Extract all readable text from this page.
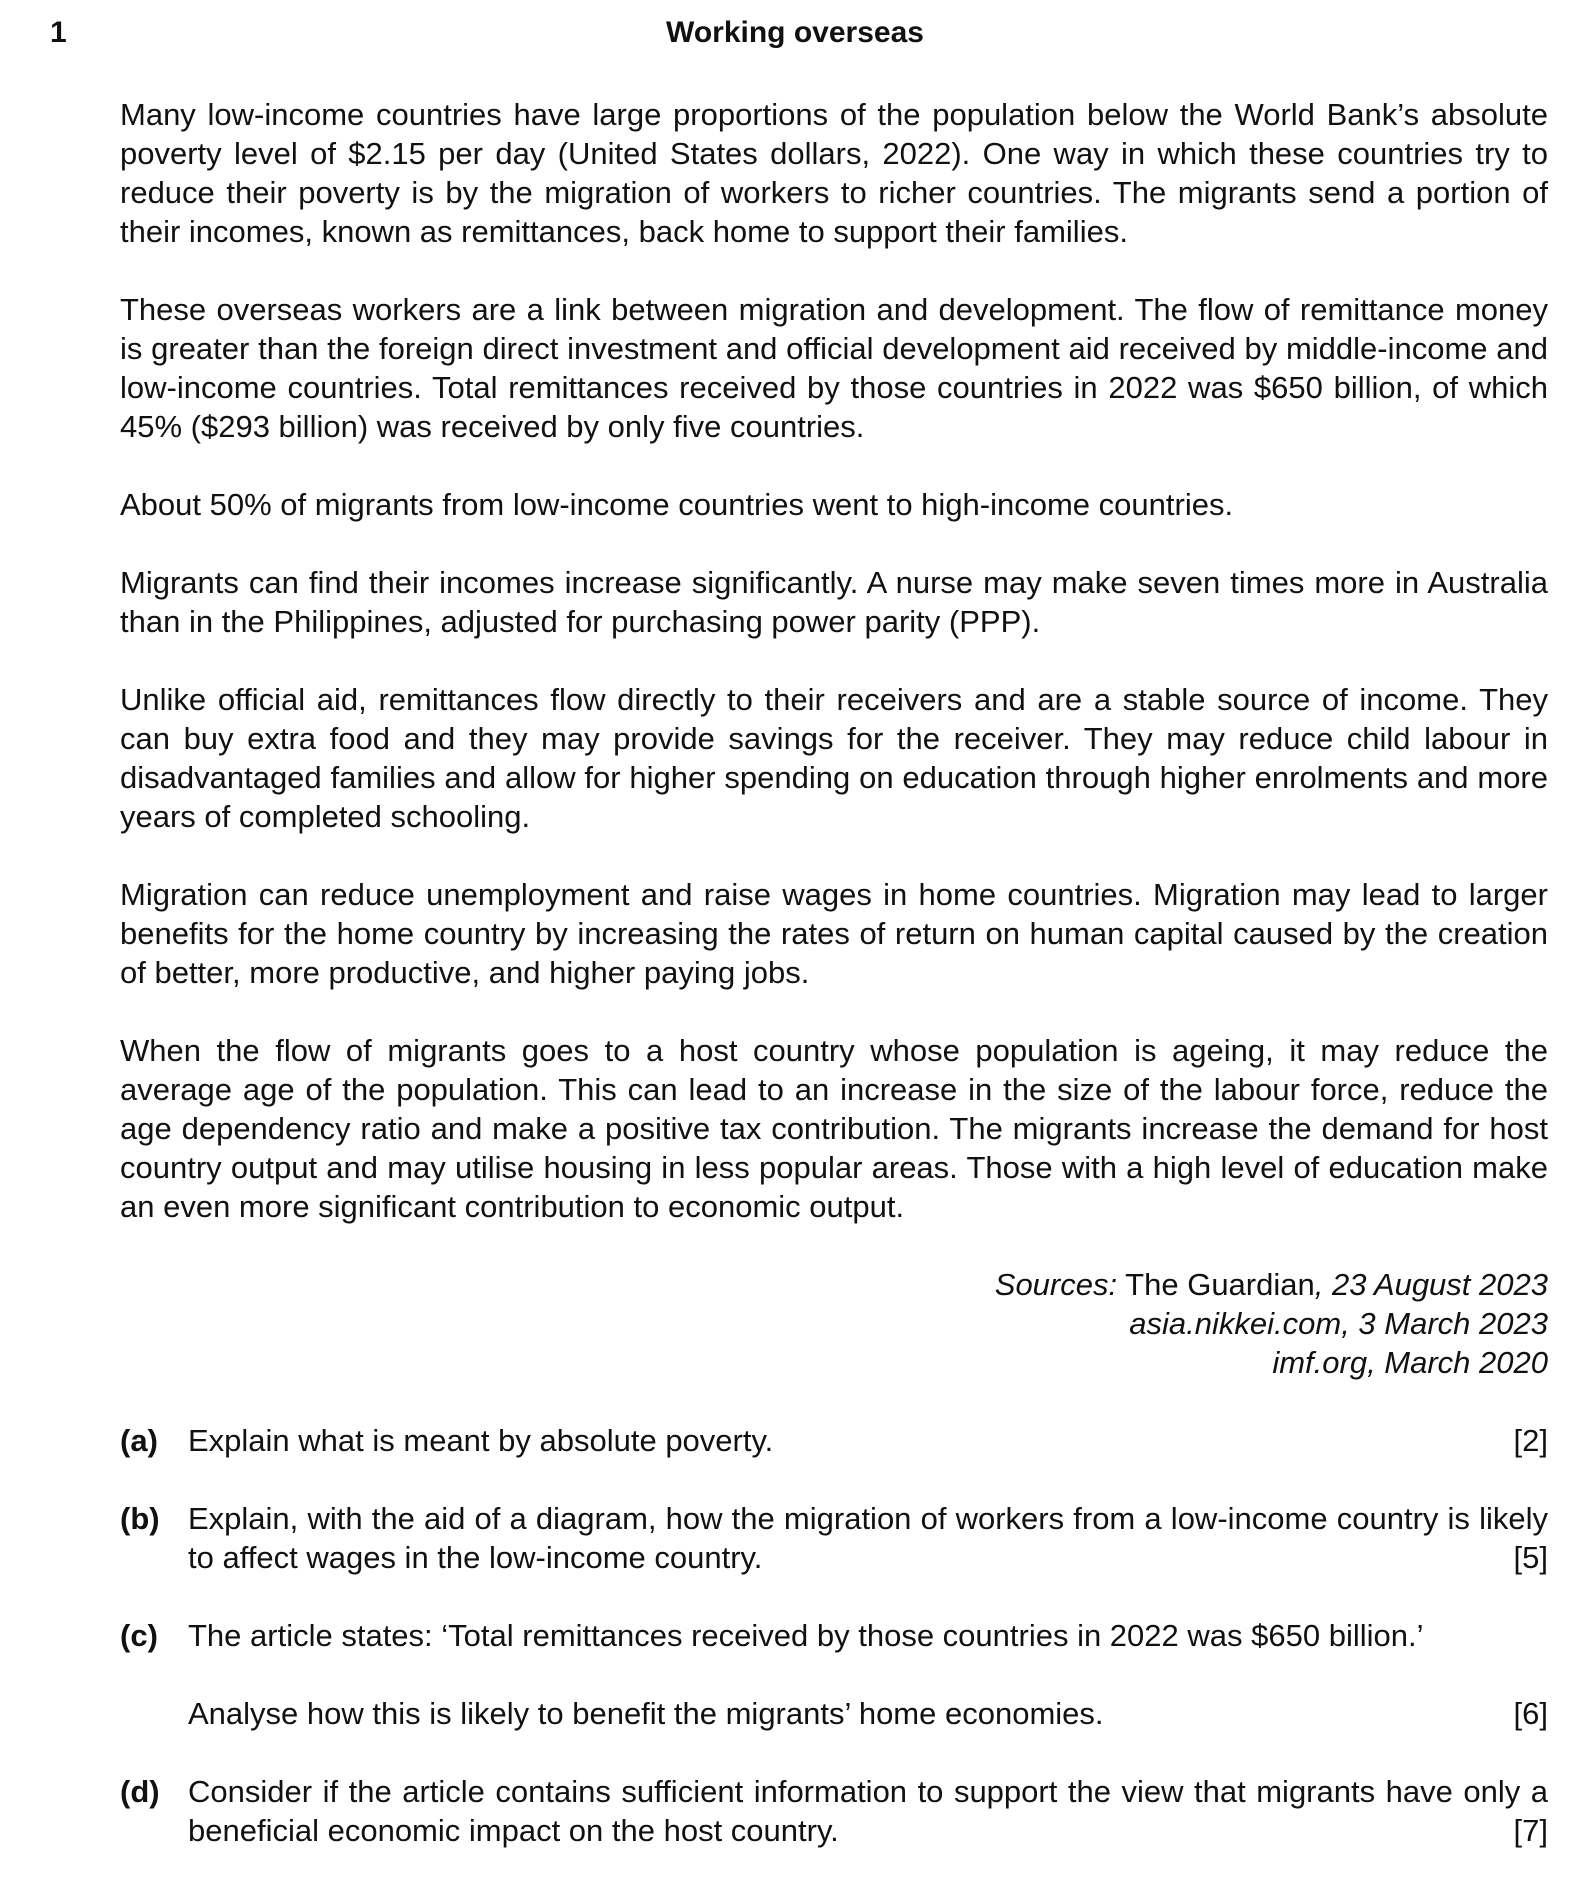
1	Working overseas

Many low-income countries have large proportions of the population below the World Bank’s absolute poverty level of $2.15 per day (United States dollars, 2022). One way in which these countries try to reduce their poverty is by the migration of workers to richer countries. The migrants send a portion of their incomes, known as remittances, back home to support their families.

These overseas workers are a link between migration and development. The flow of remittance money is greater than the foreign direct investment and official development aid received by middle-income and low-income countries. Total remittances received by those countries in 2022 was $650 billion, of which 45% ($293 billion) was received by only five countries.

About 50% of migrants from low-income countries went to high-income countries.

Migrants can find their incomes increase significantly. A nurse may make seven times more in Australia than in the Philippines, adjusted for purchasing power parity (PPP).

Unlike official aid, remittances flow directly to their receivers and are a stable source of income. They can buy extra food and they may provide savings for the receiver. They may reduce child labour in disadvantaged families and allow for higher spending on education through higher enrolments and more years of completed schooling.

Migration can reduce unemployment and raise wages in home countries. Migration may lead to larger benefits for the home country by increasing the rates of return on human capital caused by the creation of better, more productive, and higher paying jobs.

When the flow of migrants goes to a host country whose population is ageing, it may reduce the average age of the population. This can lead to an increase in the size of the labour force, reduce the age dependency ratio and make a positive tax contribution. The migrants increase the demand for host country output and may utilise housing in less popular areas. Those with a high level of education make an even more significant contribution to economic output.

Sources: The Guardian, 23 August 2023
asia.nikkei.com, 3 March 2023
imf.org, March 2020
(a) Explain what is meant by absolute poverty.	[2]
(b) Explain, with the aid of a diagram, how the migration of workers from a low-income country is likely to affect wages in the low-income country.	[5]
(c) The article states: ‘Total remittances received by those countries in 2022 was $650 billion.’
Analyse how this is likely to benefit the migrants’ home economies.	[6]
(d) Consider if the article contains sufficient information to support the view that migrants have only a beneficial economic impact on the host country.	[7]
